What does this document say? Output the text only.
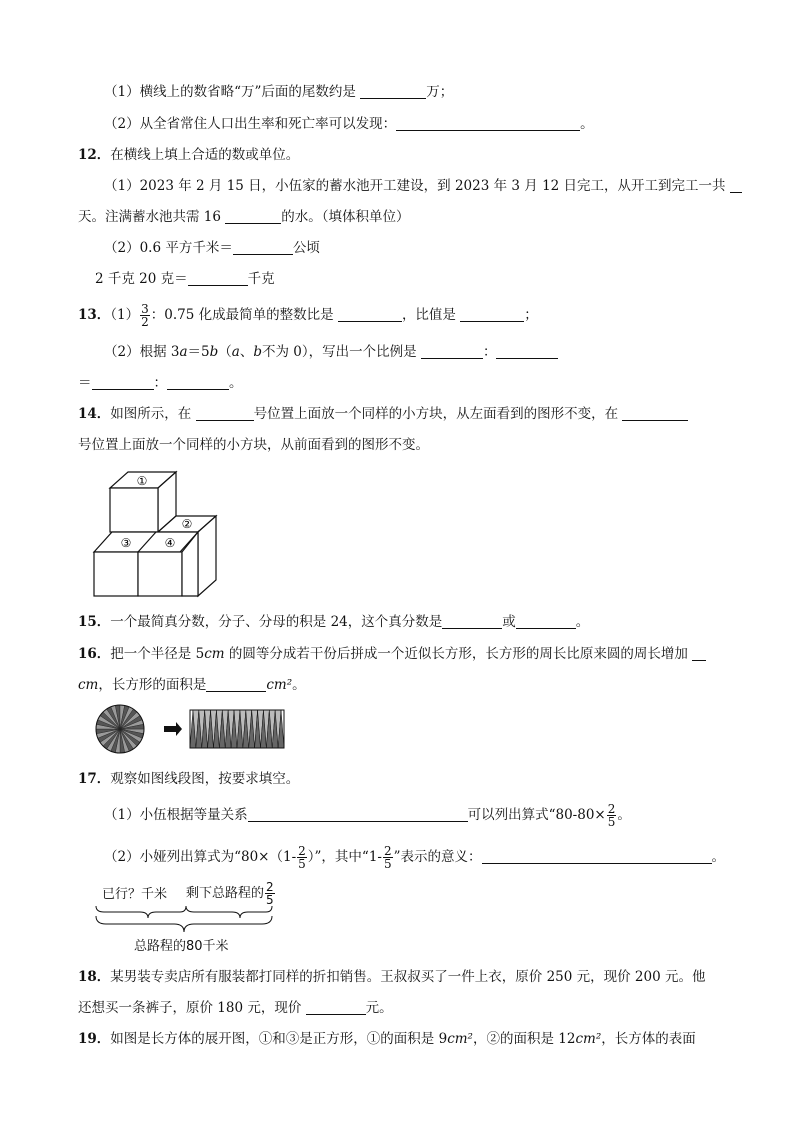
（1）横线上的数省略“万”后面的尾数约是	万；
（2）从全省常住人口出生率和死亡率可以发现：	。
12．在横线上填上合适的数或单位。
（1）2023 年 2 月 15 日，小伍家的蓄水池开工建设，到 2023 年 3 月 12 日完工，从开工到完工一共
天。注满蓄水池共需 16	的水。（填体积单位）
（2）0.6 平方千米＝	公顷
2 千克 20 克＝	千克
13．$(1) \frac{3}{2}$ ：0.75 化成最简单的整数比是	，比值是	；
（2）根据 3a＝5b（a、b不为 0），写出一个比例是	：
＝	：	。
14．如图所示，在	号位置上面放一个同样的小方块，从左面看到的图形不变，在
号位置上面放一个同样的小方块，从前面看到的图形不变。
①
②
③	④
15．一个最简真分数，分子、分母的积是 24，这个真分数是	或	。
16．把一个半径是 5cm 的圆等分成若干份后拼成一个近似长方形，长方形的周长比原来圆的周长增加
cm，长方形的面积是	cm²。
17．观察如图线段图，按要求填空。
（1）小伍根据等量关系	可以列出算式“$80-80\times \frac{2}{5}$ 。
（2）小娅列出算式为“$80\times(1- \frac{2}{5}$ ）”，其中“$1- \frac{2}{5}$ ”表示的意义：	。
已行？千米 剩下总路程的 $\frac{2}{5}$
总路程的80千米
18．某男装专卖店所有服装都打同样的折扣销售。王叔叔买了一件上衣，原价 250 元，现价 200 元。他
还想买一条裤子，原价 180 元，现价	元。
19．如图是长方体的展开图，①和③是正方形，①的面积是 9cm²，②的面积是 12cm²，长方体的表面
